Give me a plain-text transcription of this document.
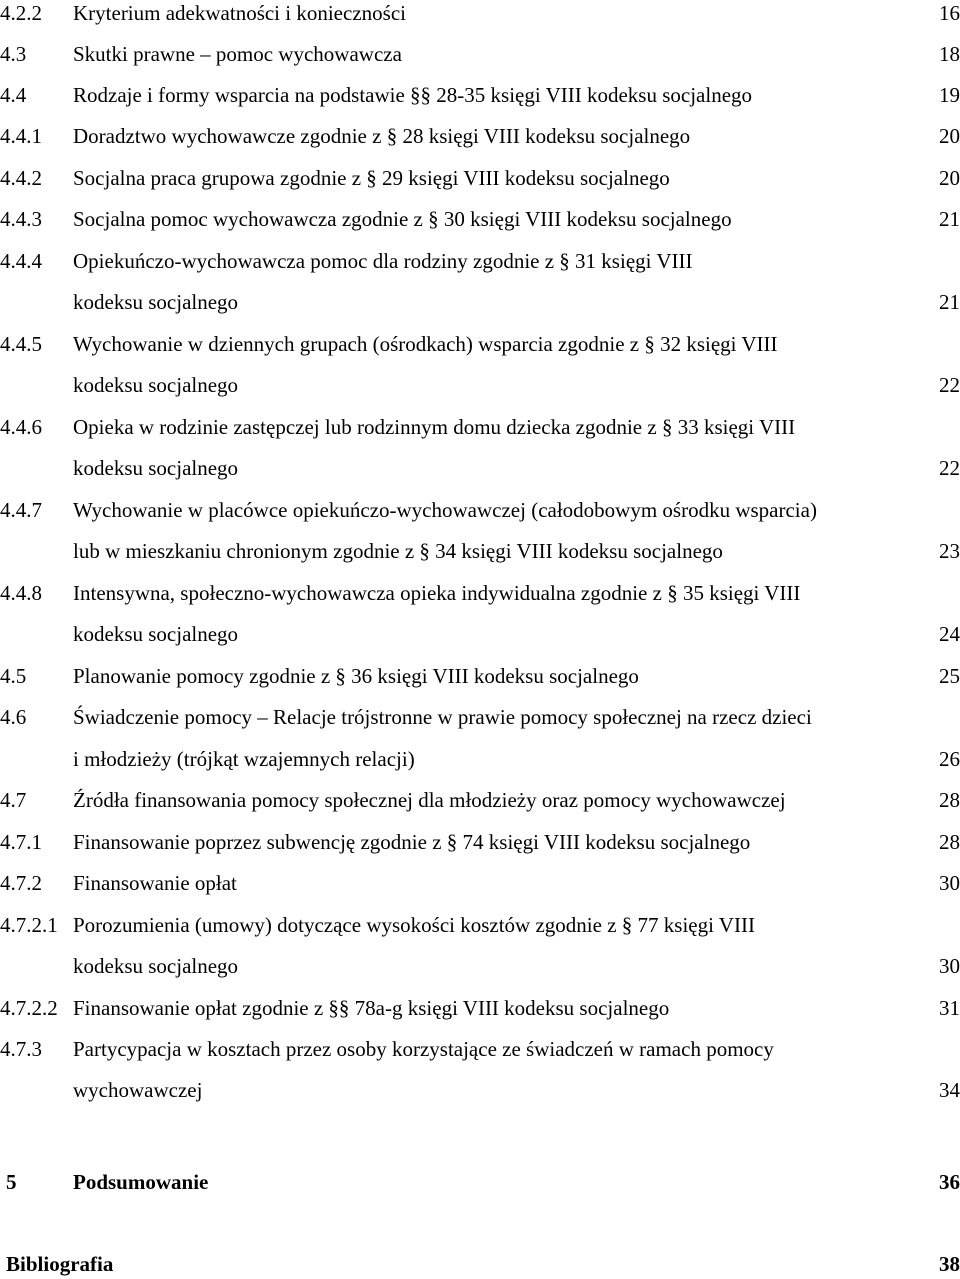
4.2.2 Kryterium adekwatności i konieczności	16
4.3 Skutki prawne – pomoc wychowawcza	18
4.4 Rodzaje i formy wsparcia na podstawie §§ 28-35 księgi VIII kodeksu socjalnego	19
4.4.1 Doradztwo wychowawcze zgodnie z § 28 księgi VIII kodeksu socjalnego	20
4.4.2 Socjalna praca grupowa zgodnie z § 29 księgi VIII kodeksu socjalnego	20
4.4.3 Socjalna pomoc wychowawcza zgodnie z § 30 księgi VIII kodeksu socjalnego	21
4.4.4 Opiekuńczo-wychowawcza pomoc dla rodziny zgodnie z § 31 księgi VIII
kodeksu socjalnego	21
4.4.5 Wychowanie w dziennych grupach (ośrodkach) wsparcia zgodnie z § 32 księgi VIII
kodeksu socjalnego	22
4.4.6 Opieka w rodzinie zastępczej lub rodzinnym domu dziecka zgodnie z § 33 księgi VIII
kodeksu socjalnego	22
4.4.7 Wychowanie w placówce opiekuńczo-wychowawczej (całodobowym ośrodku wsparcia)
lub w mieszkaniu chronionym zgodnie z § 34 księgi VIII kodeksu socjalnego	23
4.4.8 Intensywna, społeczno-wychowawcza opieka indywidualna zgodnie z § 35 księgi VIII
kodeksu socjalnego	24
4.5 Planowanie pomocy zgodnie z § 36 księgi VIII kodeksu socjalnego	25
4.6 Świadczenie pomocy – Relacje trójstronne w prawie pomocy społecznej na rzecz dzieci
i młodzieży (trójkąt wzajemnych relacji)	26
4.7 Źródła finansowania pomocy społecznej dla młodzieży oraz pomocy wychowawczej	28
4.7.1 Finansowanie poprzez subwencję zgodnie z § 74 księgi VIII kodeksu socjalnego	28
4.7.2 Finansowanie opłat	30
4.7.2.1 Porozumienia (umowy) dotyczące wysokości kosztów zgodnie z § 77 księgi VIII
kodeksu socjalnego	30
4.7.2.2 Finansowanie opłat zgodnie z §§ 78a-g księgi VIII kodeksu socjalnego	31
4.7.3 Partycypacja w kosztach przez osoby korzystające ze świadczeń w ramach pomocy
wychowawczej	34
5	Podsumowanie	36
Bibliografia	38
